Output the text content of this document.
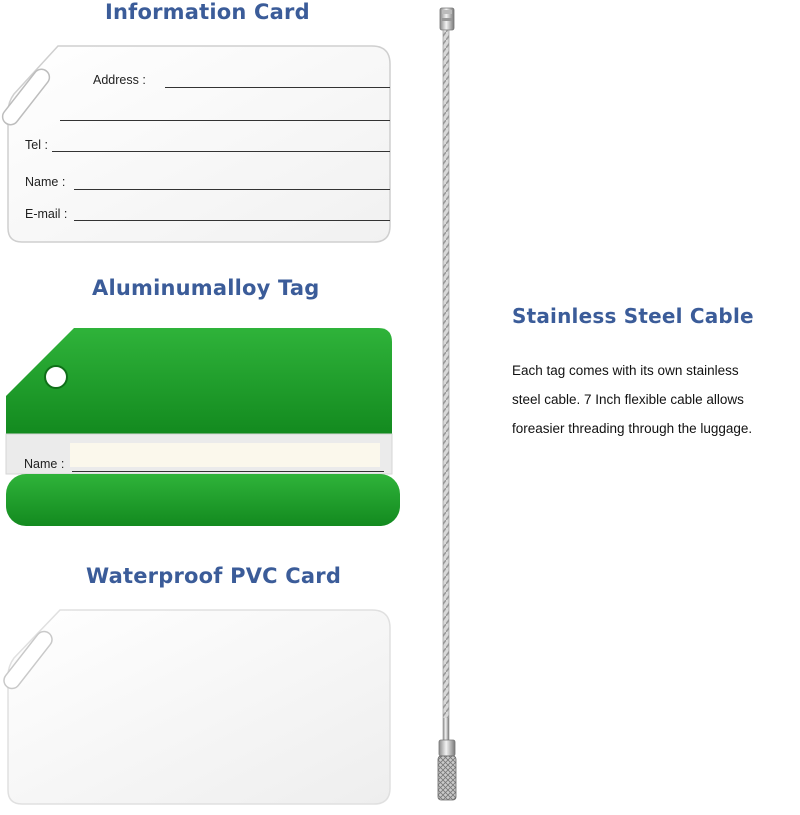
Information Card
Address :
Tel :
Name :
E-mail :
Aluminumalloy Tag
Name :
Waterproof PVC Card
Stainless Steel Cable
Each tag comes with its own stainless
steel cable. 7 Inch flexible cable allows
foreasier threading through the luggage.
